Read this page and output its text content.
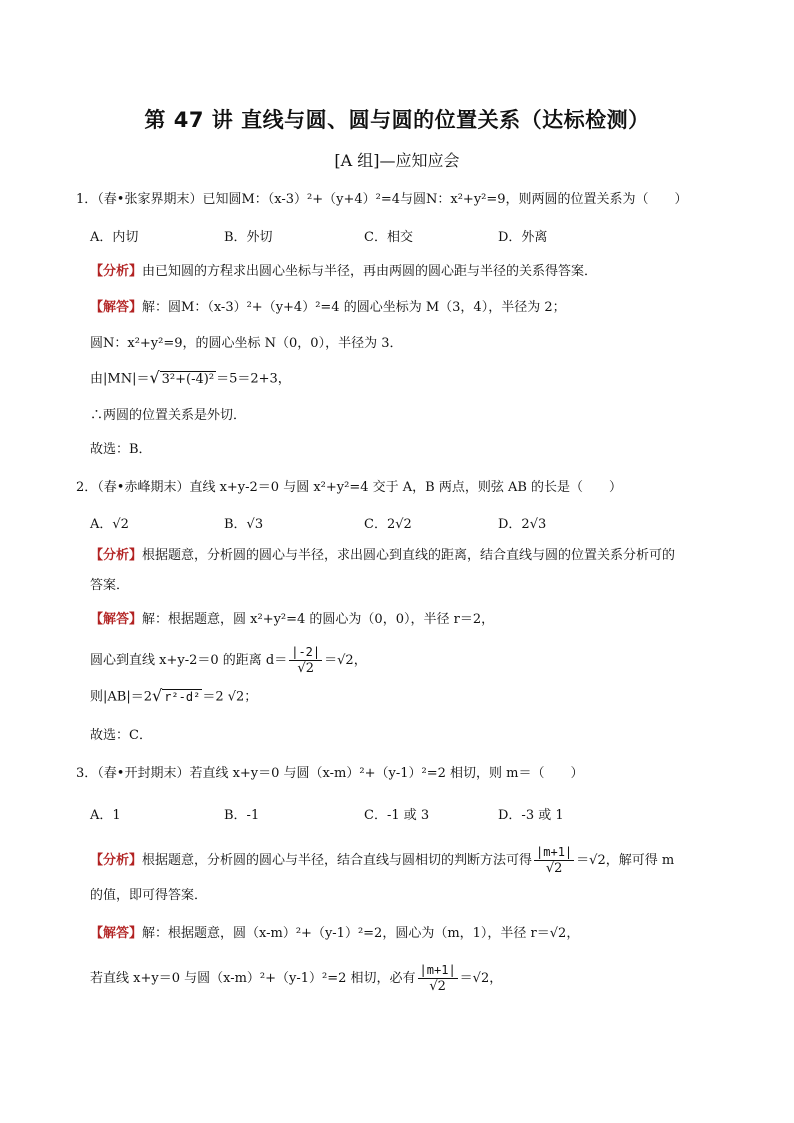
第 47 讲 直线与圆、圆与圆的位置关系（达标检测）
[A 组]—应知应会
1．（春•张家界期末）已知圆M：（x-3）²+（y+4）²=4与圆N：x²+y²=9，则两圆的位置关系为（　　）
A．内切	B．外切	C．相交	D．外离
【分析】由已知圆的方程求出圆心坐标与半径，再由两圆的圆心距与半径的关系得答案．
【解答】解：圆M：（x-3）²+（y+4）²=4 的圆心坐标为 M（3，4），半径为 2；
圆N：x²+y²=9，的圆心坐标 N（0，0），半径为 3．
由|MN|＝√ 3²+(-4)² ＝5＝2+3，
∴两圆的位置关系是外切．
故选：B．
2．（春•赤峰期末）直线 x+y-2＝0 与圆 x²+y²=4 交于 A，B 两点，则弦 AB 的长是（　　）
A．√2	B．√3	C．2√2	D．2√3
【分析】根据题意，分析圆的圆心与半径，求出圆心到直线的距离，结合直线与圆的位置关系分析可的
答案．
【解答】解：根据题意，圆 x²+y²=4 的圆心为（0，0），半径 r＝2，
圆心到直线 x+y-2＝0 的距离 $d= \frac{|-2|}{√2} =√2$，
则|AB|＝2√ r²-d² ＝2 √2；
故选：C．
3．（春•开封期末）若直线 x+y＝0 与圆（x-m）²+（y-1）²=2 相切，则 m＝（　　）
A．1	B．-1	C．-1 或 3	D．-3 或 1
【分析】根据题意，分析圆的圆心与半径，结合直线与圆相切的判断方法可得 $\frac{|m+1|}{√2} =√2$，解可得 m
的值，即可得答案．
【解答】解：根据题意，圆（x-m）²+（y-1）²=2，圆心为（m，1），半径 r＝√2，
若直线 x+y＝0 与圆（x-m）²+（y-1）²=2 相切，必有 $\frac{|m+1|}{√2} =√2$，
